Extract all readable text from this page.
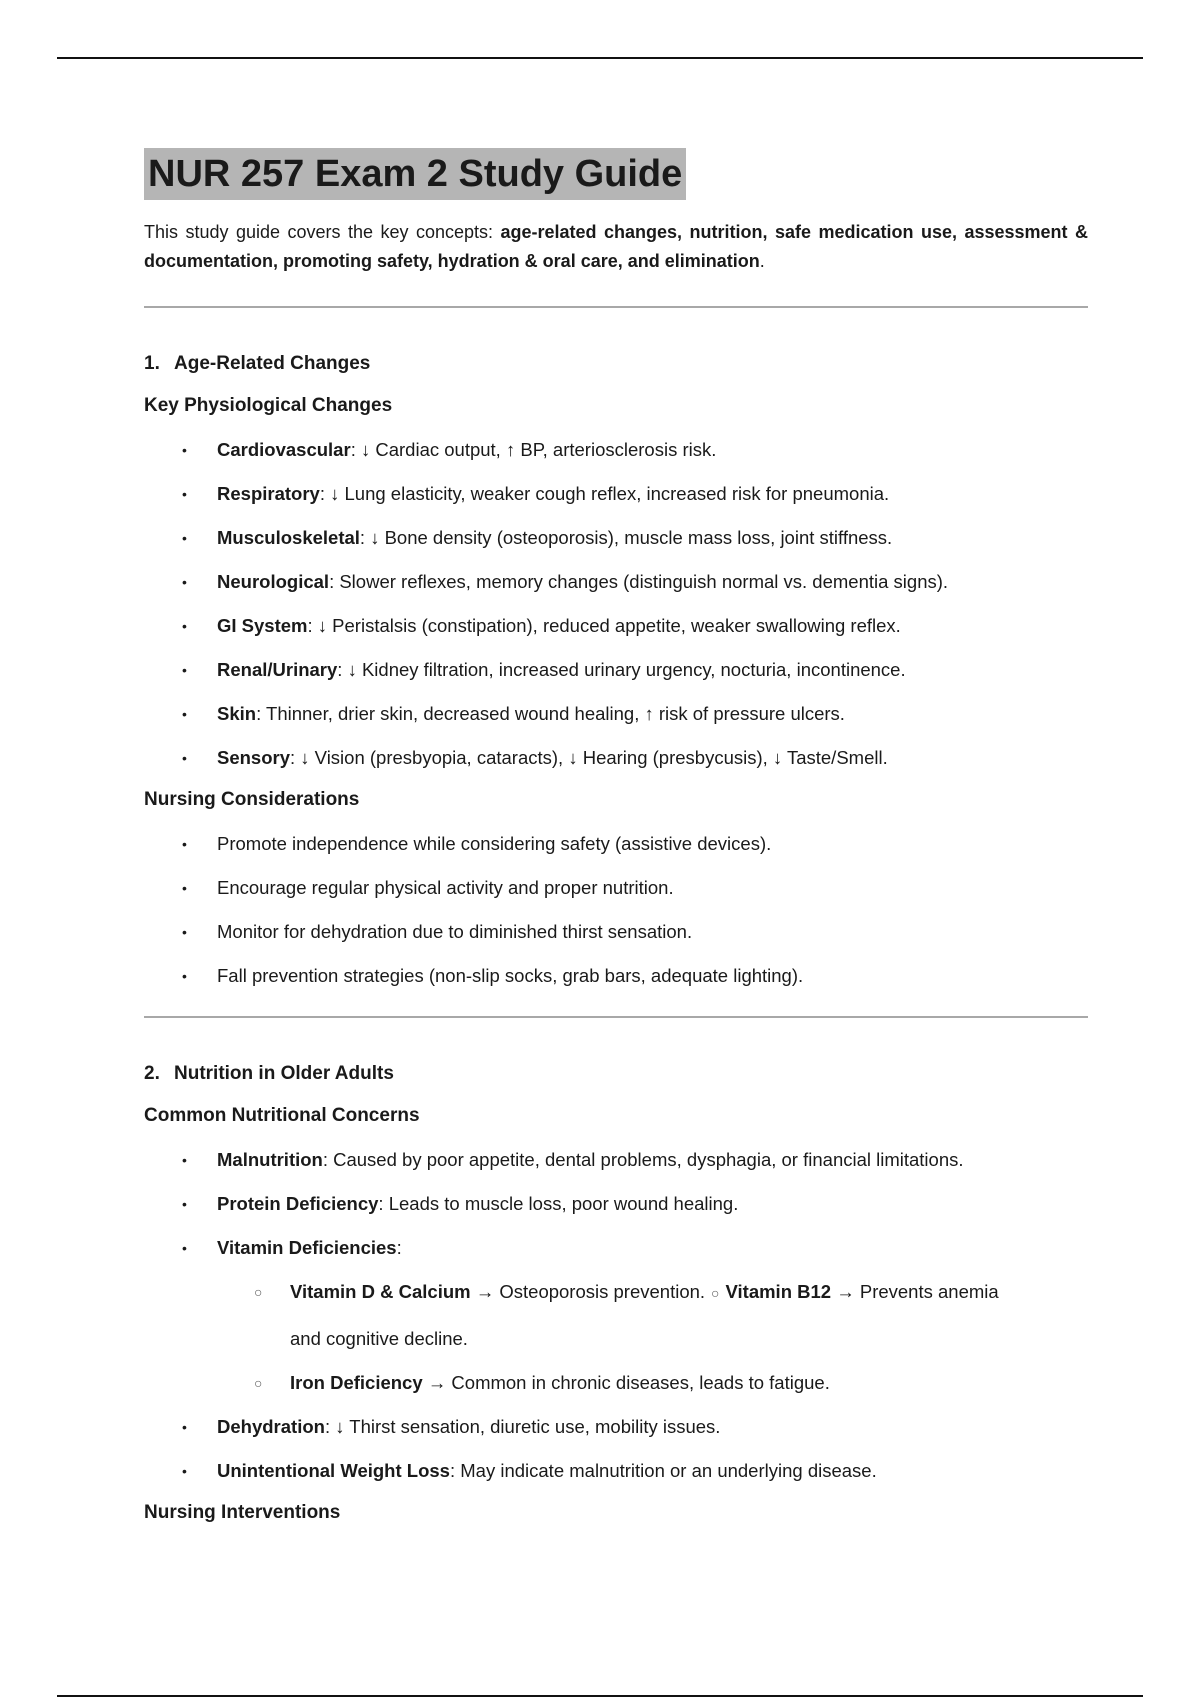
NUR 257 Exam 2 Study Guide

This study guide covers the key concepts: age-related changes, nutrition, safe medication use, assessment & documentation, promoting safety, hydration & oral care, and elimination.

1. Age-Related Changes
Key Physiological Changes
• Cardiovascular: ↓ Cardiac output, ↑ BP, arteriosclerosis risk.
• Respiratory: ↓ Lung elasticity, weaker cough reflex, increased risk for pneumonia.
• Musculoskeletal: ↓ Bone density (osteoporosis), muscle mass loss, joint stiffness.
• Neurological: Slower reflexes, memory changes (distinguish normal vs. dementia signs).
• GI System: ↓ Peristalsis (constipation), reduced appetite, weaker swallowing reflex.
• Renal/Urinary: ↓ Kidney filtration, increased urinary urgency, nocturia, incontinence.
• Skin: Thinner, drier skin, decreased wound healing, ↑ risk of pressure ulcers.
• Sensory: ↓ Vision (presbyopia, cataracts), ↓ Hearing (presbycusis), ↓ Taste/Smell.
Nursing Considerations
• Promote independence while considering safety (assistive devices).
• Encourage regular physical activity and proper nutrition.
• Monitor for dehydration due to diminished thirst sensation.
• Fall prevention strategies (non-slip socks, grab bars, adequate lighting).
2. Nutrition in Older Adults
Common Nutritional Concerns
• Malnutrition: Caused by poor appetite, dental problems, dysphagia, or financial limitations.
• Protein Deficiency: Leads to muscle loss, poor wound healing.
• Vitamin Deficiencies:
○ Vitamin D & Calcium → Osteoporosis prevention. ○ Vitamin B12 → Prevents anemia
and cognitive decline.
○ Iron Deficiency → Common in chronic diseases, leads to fatigue.
• Dehydration: ↓ Thirst sensation, diuretic use, mobility issues.
• Unintentional Weight Loss: May indicate malnutrition or an underlying disease.
Nursing Interventions
